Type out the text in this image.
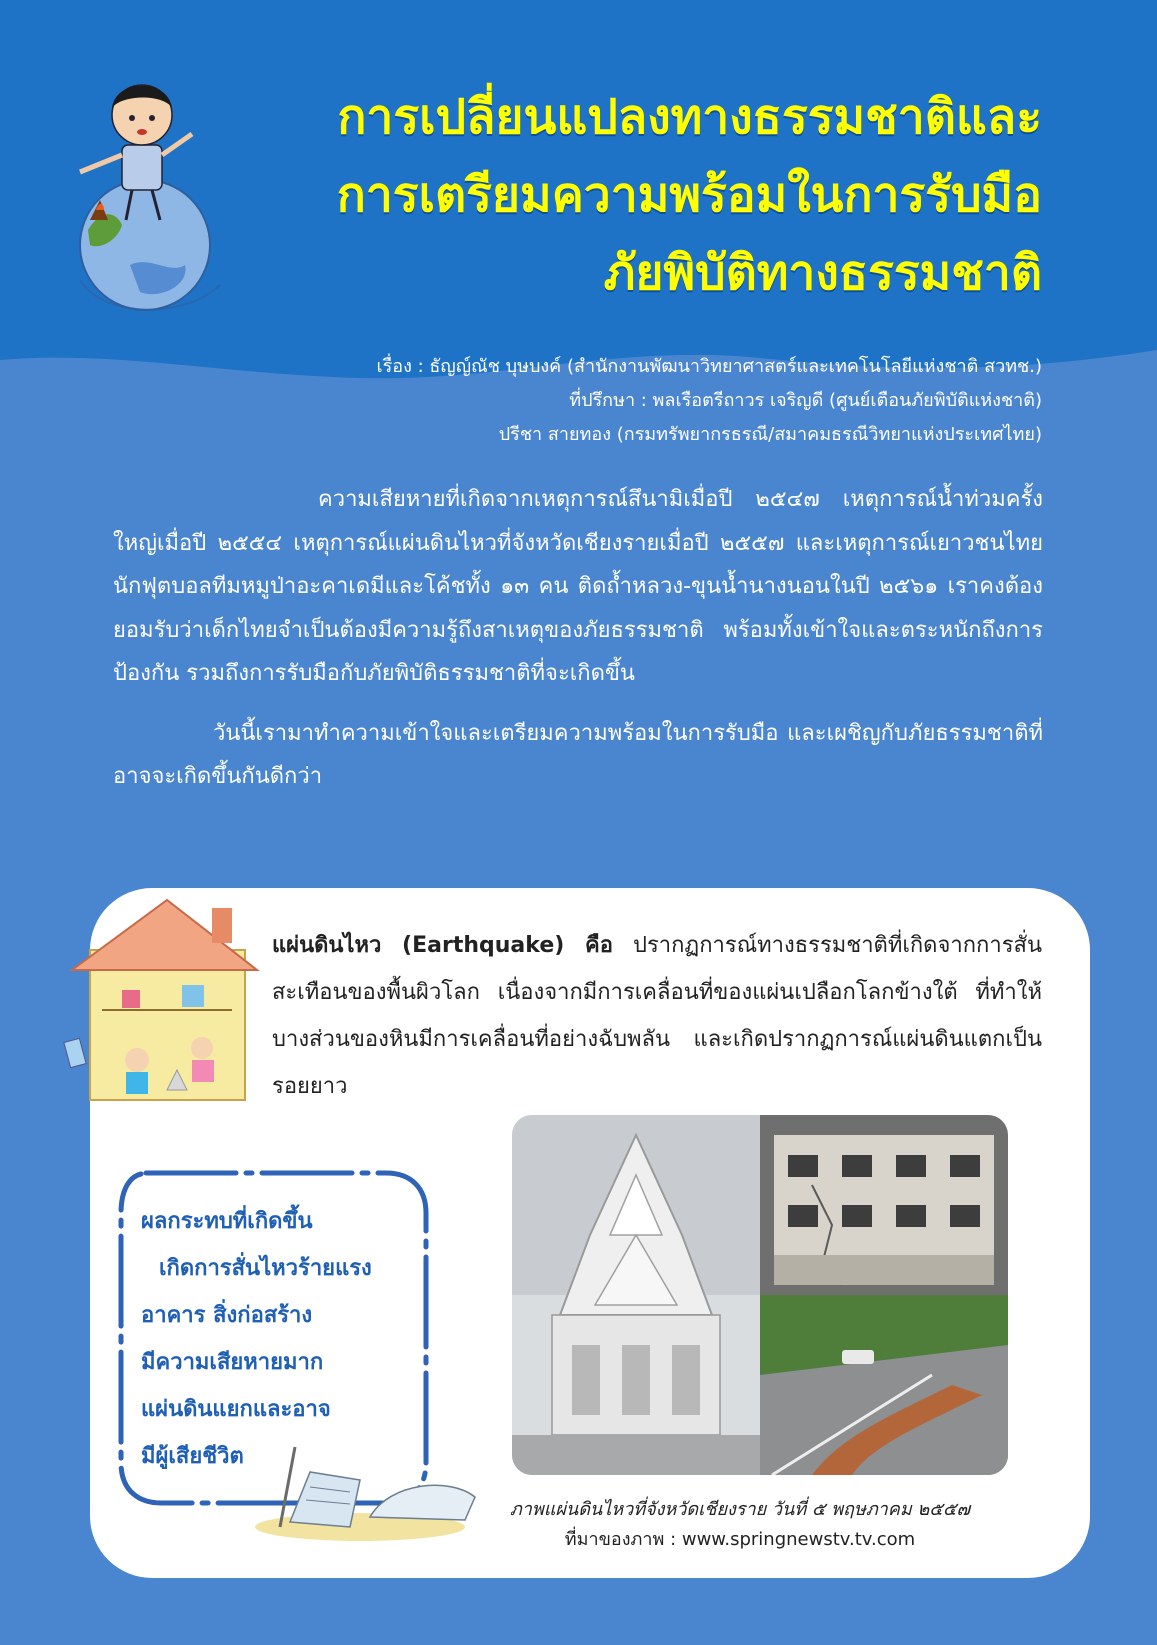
การเปลี่ยนแปลงทางธรรมชาติและ
การเตรียมความพร้อมในการรับมือ
ภัยพิบัติทางธรรมชาติ
เรื่อง : ธัญญ์ณัช บุษบงค์ (สำนักงานพัฒนาวิทยาศาสตร์และเทคโนโลยีแห่งชาติ สวทช.)
ที่ปรึกษา : พลเรือตรีถาวร เจริญดี (ศูนย์เตือนภัยพิบัติแห่งชาติ)
ปรีชา สายทอง (กรมทรัพยากรธรณี/สมาคมธรณีวิทยาแห่งประเทศไทย)

ความเสียหายที่เกิดจากเหตุการณ์สึนามิเมื่อปี ๒๕๔๗ เหตุการณ์น้ำท่วมครั้งใหญ่เมื่อปี ๒๕๕๔ เหตุการณ์แผ่นดินไหวที่จังหวัดเชียงรายเมื่อปี ๒๕๕๗ และเหตุการณ์เยาวชนไทยนักฟุตบอลทีมหมูป่าอะคาเดมีและโค้ชทั้ง ๑๓ คน ติดถ้ำหลวง-ขุนน้ำนางนอนในปี ๒๕๖๑ เราคงต้องยอมรับว่าเด็กไทยจำเป็นต้องมีความรู้ถึงสาเหตุของภัยธรรมชาติ พร้อมทั้งเข้าใจและตระหนักถึงการป้องกัน รวมถึงการรับมือกับภัยพิบัติธรรมชาติที่จะเกิดขึ้น

วันนี้เรามาทำความเข้าใจและเตรียมความพร้อมในการรับมือ และเผชิญกับภัยธรรมชาติที่อาจจะเกิดขึ้นกันดีกว่า

แผ่นดินไหว (Earthquake) คือ ปรากฏการณ์ทางธรรมชาติที่เกิดจากการสั่นสะเทือนของพื้นผิวโลก เนื่องจากมีการเคลื่อนที่ของแผ่นเปลือกโลกข้างใต้ ที่ทำให้บางส่วนของหินมีการเคลื่อนที่อย่างฉับพลัน และเกิดปรากฏการณ์แผ่นดินแตกเป็นรอยยาว
ผลกระทบที่เกิดขึ้น
เกิดการสั่นไหวร้ายแรง
อาคาร สิ่งก่อสร้าง
มีความเสียหายมาก
แผ่นดินแยกและอาจ
มีผู้เสียชีวิต
ภาพแผ่นดินไหวที่จังหวัดเชียงราย วันที่ ๕ พฤษภาคม ๒๕๕๗
ที่มาของภาพ : www.springnewstv.tv.com
